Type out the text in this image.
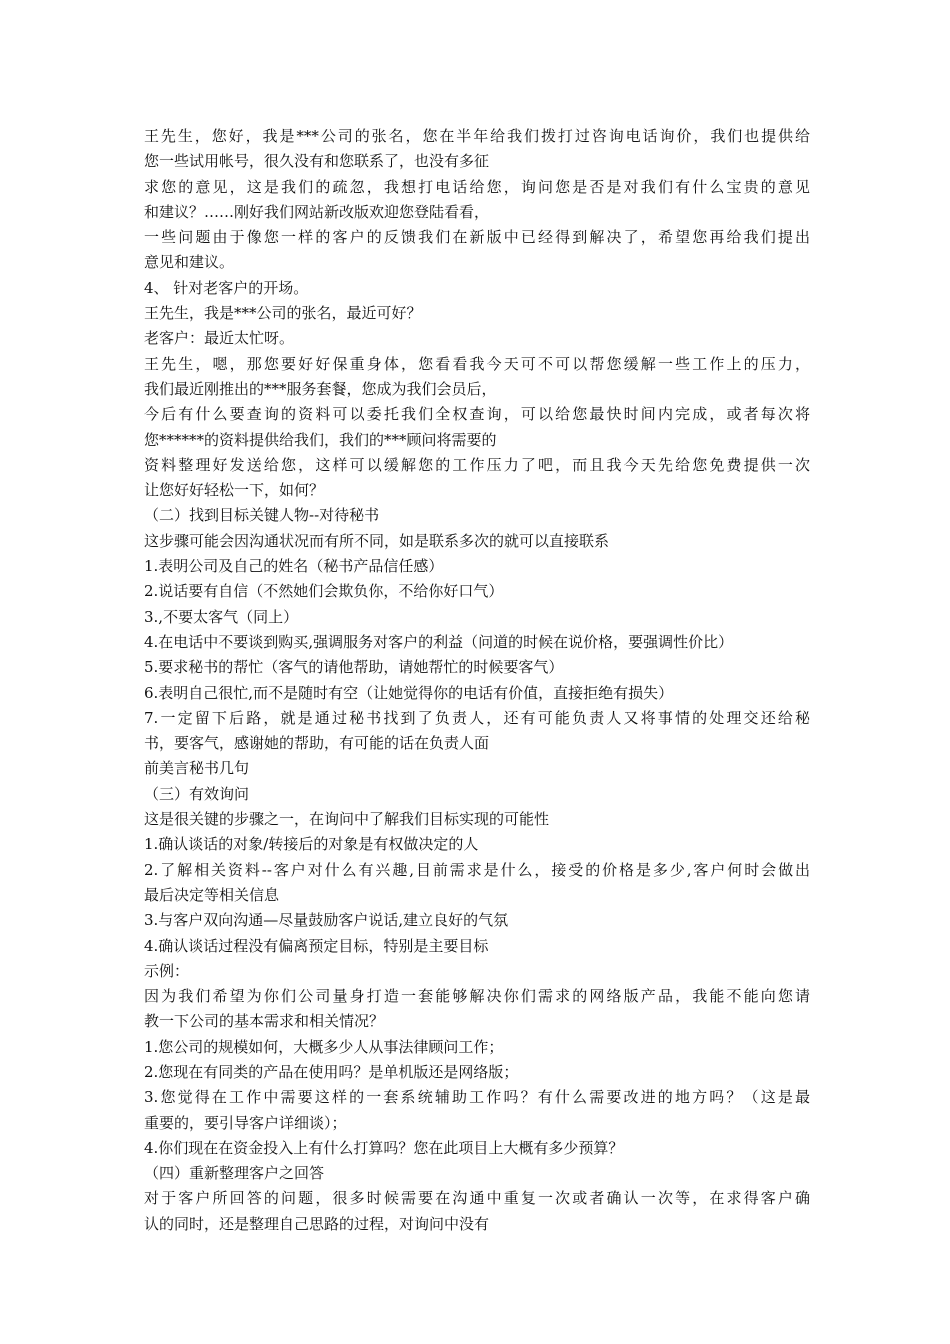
王先生，您好，我是***公司的张名，您在半年给我们拨打过咨询电话询价，我们也提供给
您一些试用帐号，很久没有和您联系了，也没有多征
求您的意见，这是我们的疏忽，我想打电话给您，询问您是否是对我们有什么宝贵的意见
和建议？……刚好我们网站新改版欢迎您登陆看看，
一些问题由于像您一样的客户的反馈我们在新版中已经得到解决了，希望您再给我们提出
意见和建议。
4、 针对老客户的开场。
王先生，我是***公司的张名，最近可好？
老客户：最近太忙呀。
王先生，嗯，那您要好好保重身体，您看看我今天可不可以帮您缓解一些工作上的压力，
我们最近刚推出的***服务套餐，您成为我们会员后，
今后有什么要查询的资料可以委托我们全权查询，可以给您最快时间内完成，或者每次将
您******的资料提供给我们，我们的***顾问将需要的
资料整理好发送给您，这样可以缓解您的工作压力了吧，而且我今天先给您免费提供一次
让您好好轻松一下，如何？
（二）找到目标关键人物--对待秘书
这步骤可能会因沟通状况而有所不同，如是联系多次的就可以直接联系
1.表明公司及自己的姓名（秘书产品信任感）
2.说话要有自信（不然她们会欺负你，不给你好口气）
3.,不要太客气（同上）
4.在电话中不要谈到购买,强调服务对客户的利益（问道的时候在说价格，要强调性价比）
5.要求秘书的帮忙（客气的请他帮助，请她帮忙的时候要客气）
6.表明自己很忙,而不是随时有空（让她觉得你的电话有价值，直接拒绝有损失）
7.一定留下后路，就是通过秘书找到了负责人，还有可能负责人又将事情的处理交还给秘
书，要客气，感谢她的帮助，有可能的话在负责人面
前美言秘书几句
（三）有效询问
这是很关键的步骤之一，在询问中了解我们目标实现的可能性
1.确认谈话的对象/转接后的对象是有权做决定的人
2.了解相关资料--客户对什么有兴趣,目前需求是什么，接受的价格是多少,客户何时会做出
最后决定等相关信息
3.与客户双向沟通—尽量鼓励客户说话,建立良好的气氛
4.确认谈话过程没有偏离预定目标，特别是主要目标
示例：
因为我们希望为你们公司量身打造一套能够解决你们需求的网络版产品，我能不能向您请
教一下公司的基本需求和相关情况？
1.您公司的规模如何，大概多少人从事法律顾问工作；
2.您现在有同类的产品在使用吗？是单机版还是网络版；
3.您觉得在工作中需要这样的一套系统辅助工作吗？有什么需要改进的地方吗？（这是最
重要的，要引导客户详细谈）；
4.你们现在在资金投入上有什么打算吗？您在此项目上大概有多少预算？
（四）重新整理客户之回答
对于客户所回答的问题，很多时候需要在沟通中重复一次或者确认一次等，在求得客户确
认的同时，还是整理自己思路的过程，对询问中没有
